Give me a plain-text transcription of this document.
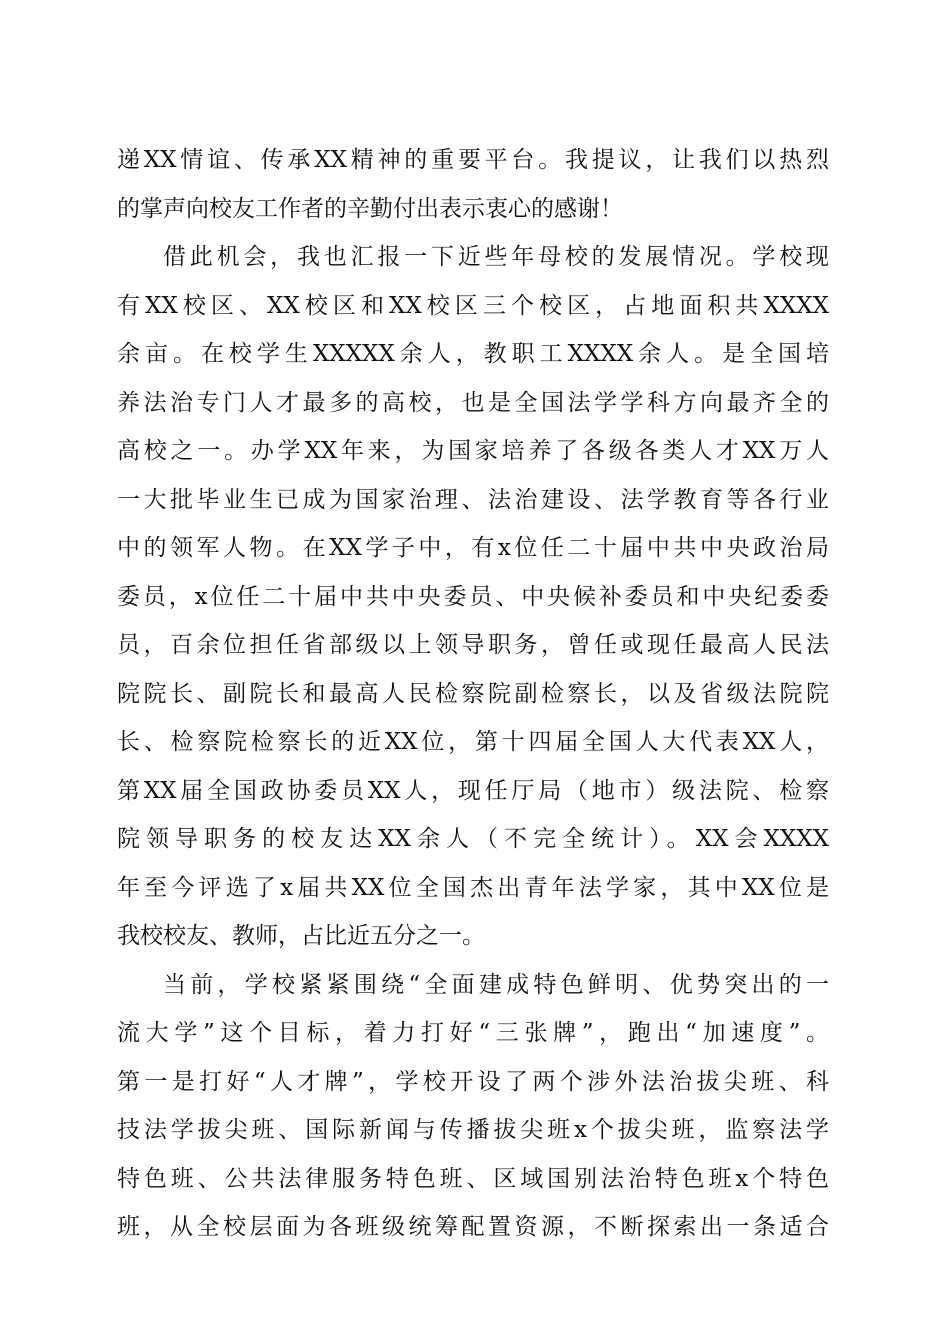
递XX情谊、传承XX精神的重要平台。我提议，让我们以热烈
的掌声向校友工作者的辛勤付出表示衷心的感谢！
借此机会，我也汇报一下近些年母校的发展情况。学校现
有XX校区、XX校区和XX校区三个校区，占地面积共XXXX
余亩。在校学生XXXXX余人，教职工XXXX余人。是全国培
养法治专门人才最多的高校，也是全国法学学科方向最齐全的
高校之一。办学XX年来，为国家培养了各级各类人才XX万人
一大批毕业生已成为国家治理、法治建设、法学教育等各行业
中的领军人物。在XX学子中，有x位任二十届中共中央政治局
委员，x位任二十届中共中央委员、中央候补委员和中央纪委委
员，百余位担任省部级以上领导职务，曾任或现任最高人民法
院院长、副院长和最高人民检察院副检察长，以及省级法院院
长、检察院检察长的近XX位，第十四届全国人大代表XX人，
第XX届全国政协委员XX人，现任厅局（地市）级法院、检察
院领导职务的校友达XX余人（不完全统计）。XX会XXXX
年至今评选了x届共XX位全国杰出青年法学家，其中XX位是
我校校友、教师，占比近五分之一。
当前，学校紧紧围绕“全面建成特色鲜明、优势突出的一
流大学”这个目标，着力打好“三张牌”，跑出“加速度”。
第一是打好“人才牌”，学校开设了两个涉外法治拔尖班、科
技法学拔尖班、国际新闻与传播拔尖班x个拔尖班，监察法学
特色班、公共法律服务特色班、区域国别法治特色班x个特色
班，从全校层面为各班级统筹配置资源，不断探索出一条适合
